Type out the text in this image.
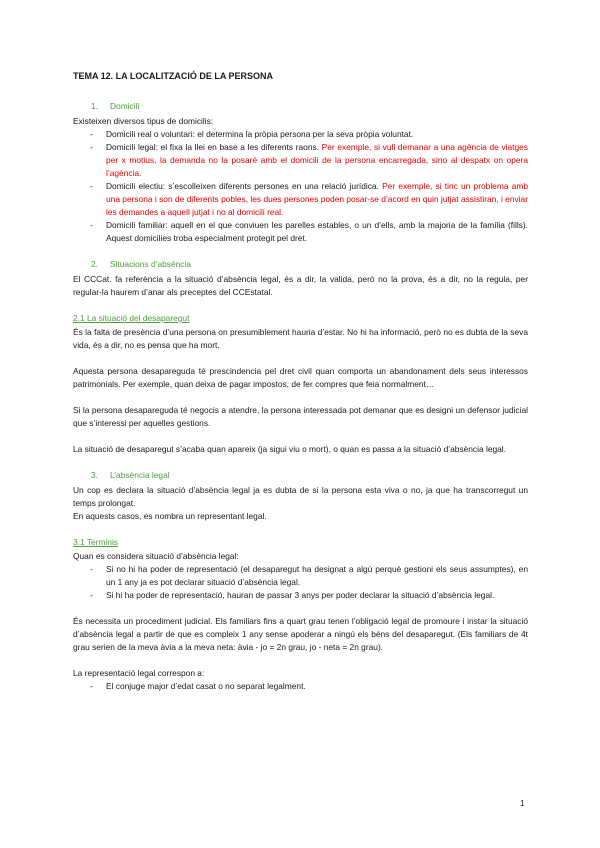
TEMA 12. LA LOCALITZACIÓ DE LA PERSONA
1. Domicili

Existeixen diversos tipus de domicilis:

- Domicili real o voluntari: el determina la pròpia persona per la seva pròpia voluntat.
- Domicili legal: el fixa la llei en base a les diferents raons. Per exemple, si vull demanar a una agència de viatges per x motius, la demanda no la posaré amb el domicili de la persona encarregada, sino al despatx on opera l’agència.
- Domicili electiu: s’escolleixen diferents persones en una relació jurídica. Per exemple, si tinc un problema amb una persona i son de diferents pobles, les dues persones poden posar-se d’acord en quin jutjat assistiran, i enviar les demandes a aquell jutjat i no al domicili real.
- Domicili familiar: aquell en el que conviuen les parelles estables, o un d’ells, amb la majoria de la família (fills). Aquest domicilies troba especialment protegit pel dret.
2. Situacions d’absència

El CCCat. fa referència a la situació d’absència legal, és a dir, la valida, però no la prova, és a dir, no la regula, per regular-la haurem d’anar als preceptes del CCEstatal.

2.1 La situació del desaparegut

És la falta de presència d’una persona on presumiblement hauria d’estar. No hi ha informació, però no es dubta de la seva vida, és a dir, no es pensa que ha mort.

Aquesta persona desapareguda té prescindencia pel dret civil quan comporta un abandonament dels seus interessos patrimonials. Per exemple, quan deixa de pagar impostos, de fer compres que feia normalment…

Si la persona desapareguda té negocis a atendre, la persona interessada pot demanar que es designi un defensor judicial que s’interessi per aquelles gestions.

La situació de desaparegut s’acaba quan apareix (ja sigui viu o mort), o quan es passa a la situació d’absència legal.

3. L’absència legal

Un cop es declara la situació d’absència legal ja es dubta de si la persona esta viva o no, ja que ha transcorregut un temps prolongat.

En aquests casos, es nombra un representant legal.

3.1 Terminis

Quan es considera situació d’absència legal:

- Si no hi ha poder de representació (el desaparegut ha designat a algú perquè gestioni els seus assumptes), en un 1 any ja es pot declarar situació d’absència legal.
- Si hi ha poder de representació, hauran de passar 3 anys per poder declarar la situació d’absència legal.

És necessita un procediment judicial. Els familiars fins a quart grau tenen l’obligació legal de promoure i instar la situació d’absència legal a partir de que es compleix 1 any sense apoderar a ningú els béns del desaparegut. (Els familiars de 4t grau serien de la meva àvia a la meva neta: àvia - jo = 2n grau, jo - neta = 2n grau).

La representació legal correspon a:

- El conjuge major d’edat casat o no separat legalment.
1
